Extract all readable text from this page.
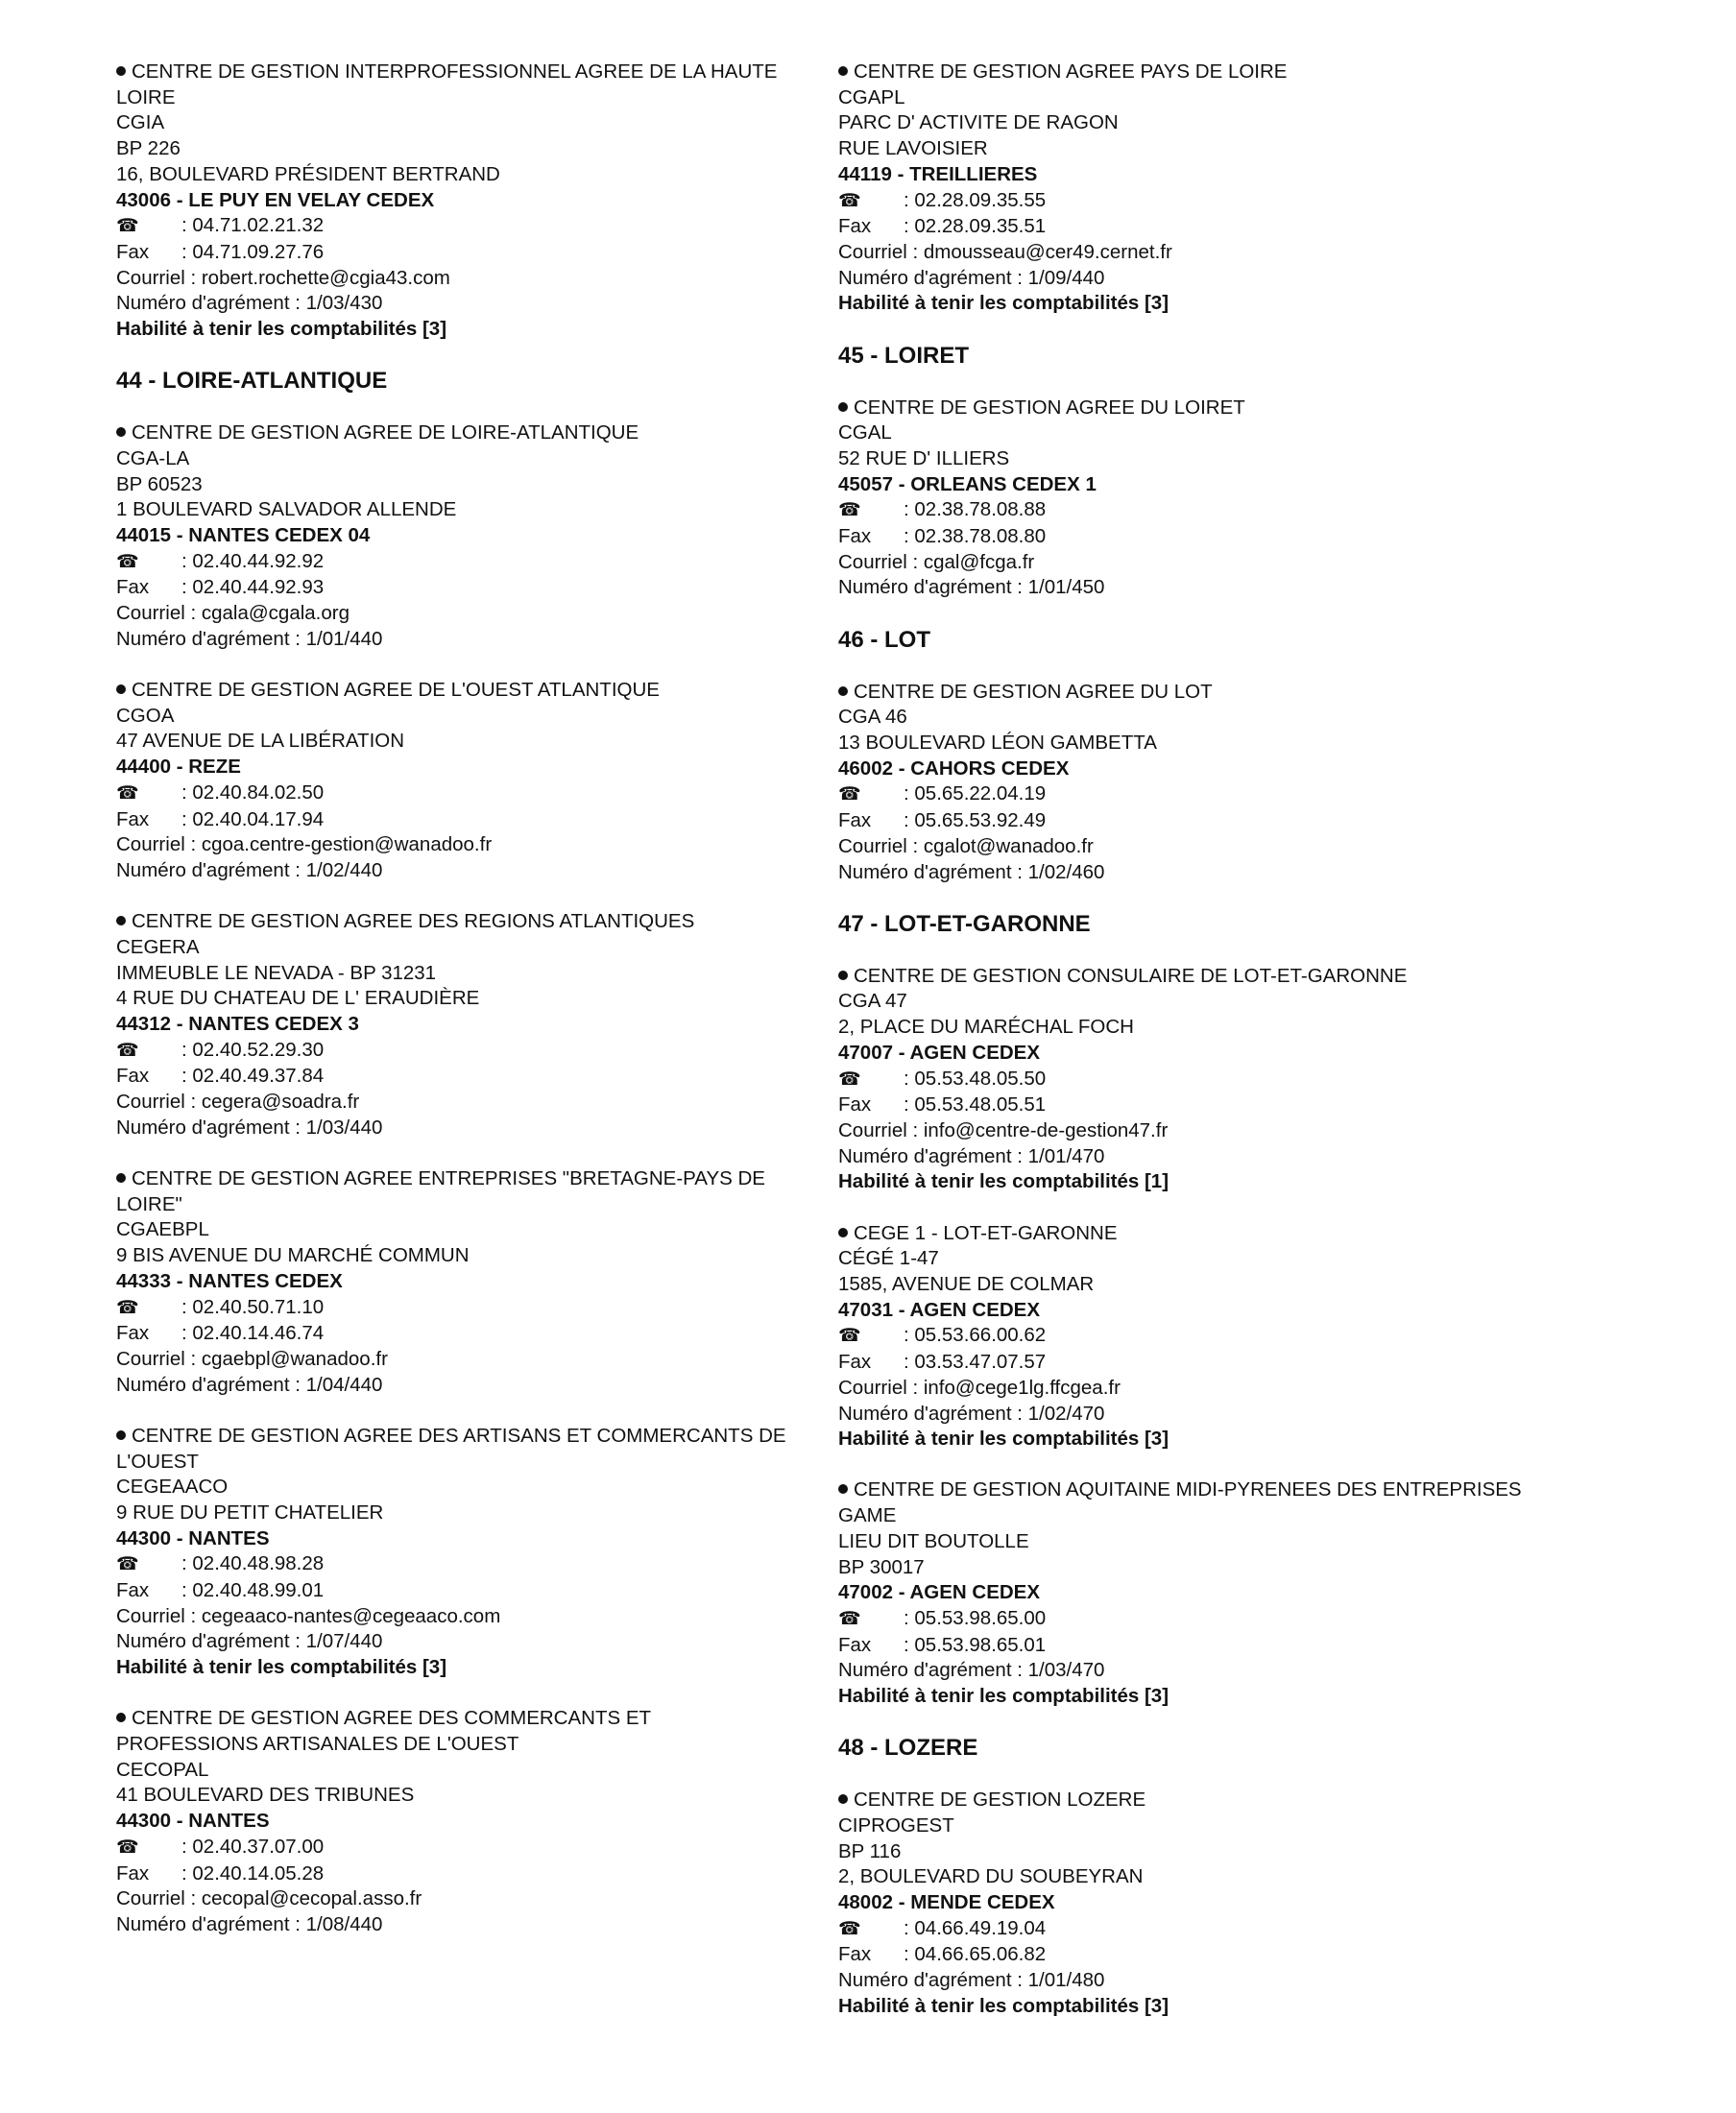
CENTRE DE GESTION INTERPROFESSIONNEL AGREE DE LA HAUTE LOIRE
CGIA
BP 226
16, BOULEVARD PRÉSIDENT BERTRAND
43006 - LE PUY EN VELAY CEDEX
☎ : 04.71.02.21.32
Fax : 04.71.09.27.76
Courriel : robert.rochette@cgia43.com
Numéro d'agrément : 1/03/430
Habilité à tenir les comptabilités [3]
44 - LOIRE-ATLANTIQUE
CENTRE DE GESTION AGREE DE LOIRE-ATLANTIQUE
CGA-LA
BP 60523
1 BOULEVARD SALVADOR ALLENDE
44015 - NANTES CEDEX 04
☎ : 02.40.44.92.92
Fax : 02.40.44.92.93
Courriel : cgala@cgala.org
Numéro d'agrément : 1/01/440
CENTRE DE GESTION AGREE DE L'OUEST ATLANTIQUE
CGOA
47 AVENUE DE LA LIBÉRATION
44400 - REZE
☎ : 02.40.84.02.50
Fax : 02.40.04.17.94
Courriel : cgoa.centre-gestion@wanadoo.fr
Numéro d'agrément : 1/02/440
CENTRE DE GESTION AGREE DES REGIONS ATLANTIQUES
CEGERA
IMMEUBLE LE NEVADA - BP 31231
4 RUE DU CHATEAU DE L' ERAUDIÈRE
44312 - NANTES CEDEX 3
☎ : 02.40.52.29.30
Fax : 02.40.49.37.84
Courriel : cegera@soadra.fr
Numéro d'agrément : 1/03/440
CENTRE DE GESTION AGREE ENTREPRISES "BRETAGNE-PAYS DE LOIRE"
CGAEBPL
9 BIS AVENUE DU MARCHÉ COMMUN
44333 - NANTES CEDEX
☎ : 02.40.50.71.10
Fax : 02.40.14.46.74
Courriel : cgaebpl@wanadoo.fr
Numéro d'agrément : 1/04/440
CENTRE DE GESTION AGREE DES ARTISANS ET COMMERCANTS DE L'OUEST
CEGEAACO
9 RUE DU PETIT CHATELIER
44300 - NANTES
☎ : 02.40.48.98.28
Fax : 02.40.48.99.01
Courriel : cegeaaco-nantes@cegeaaco.com
Numéro d'agrément : 1/07/440
Habilité à tenir les comptabilités [3]
CENTRE DE GESTION AGREE DES COMMERCANTS ET PROFESSIONS ARTISANALES DE L'OUEST
CECOPAL
41 BOULEVARD DES TRIBUNES
44300 - NANTES
☎ : 02.40.37.07.00
Fax : 02.40.14.05.28
Courriel : cecopal@cecopal.asso.fr
Numéro d'agrément : 1/08/440
CENTRE DE GESTION AGREE PAYS DE LOIRE
CGAPL
PARC D' ACTIVITE DE RAGON
RUE LAVOISIER
44119 - TREILLIERES
☎ : 02.28.09.35.55
Fax : 02.28.09.35.51
Courriel : dmousseau@cer49.cernet.fr
Numéro d'agrément : 1/09/440
Habilité à tenir les comptabilités [3]
45 - LOIRET
CENTRE DE GESTION AGREE DU LOIRET
CGAL
52 RUE D' ILLIERS
45057 - ORLEANS CEDEX 1
☎ : 02.38.78.08.88
Fax : 02.38.78.08.80
Courriel : cgal@fcga.fr
Numéro d'agrément : 1/01/450
46 - LOT
CENTRE DE GESTION AGREE DU LOT
CGA 46
13 BOULEVARD LÉON GAMBETTA
46002 - CAHORS CEDEX
☎ : 05.65.22.04.19
Fax : 05.65.53.92.49
Courriel : cgalot@wanadoo.fr
Numéro d'agrément : 1/02/460
47 - LOT-ET-GARONNE
CENTRE DE GESTION CONSULAIRE DE LOT-ET-GARONNE
CGA 47
2, PLACE DU MARÉCHAL FOCH
47007 - AGEN CEDEX
☎ : 05.53.48.05.50
Fax : 05.53.48.05.51
Courriel : info@centre-de-gestion47.fr
Numéro d'agrément : 1/01/470
Habilité à tenir les comptabilités [1]
CEGE 1 - LOT-ET-GARONNE
CÉGÉ 1-47
1585, AVENUE DE COLMAR
47031 - AGEN CEDEX
☎ : 05.53.66.00.62
Fax : 03.53.47.07.57
Courriel : info@cege1lg.ffcgea.fr
Numéro d'agrément : 1/02/470
Habilité à tenir les comptabilités [3]
CENTRE DE GESTION AQUITAINE MIDI-PYRENEES DES ENTREPRISES
GAME
LIEU DIT BOUTOLLE
BP 30017
47002 - AGEN CEDEX
☎ : 05.53.98.65.00
Fax : 05.53.98.65.01
Numéro d'agrément : 1/03/470
Habilité à tenir les comptabilités [3]
48 - LOZERE
CENTRE DE GESTION LOZERE
CIPROGEST
BP 116
2, BOULEVARD DU SOUBEYRAN
48002 - MENDE CEDEX
☎ : 04.66.49.19.04
Fax : 04.66.65.06.82
Numéro d'agrément : 1/01/480
Habilité à tenir les comptabilités [3]
